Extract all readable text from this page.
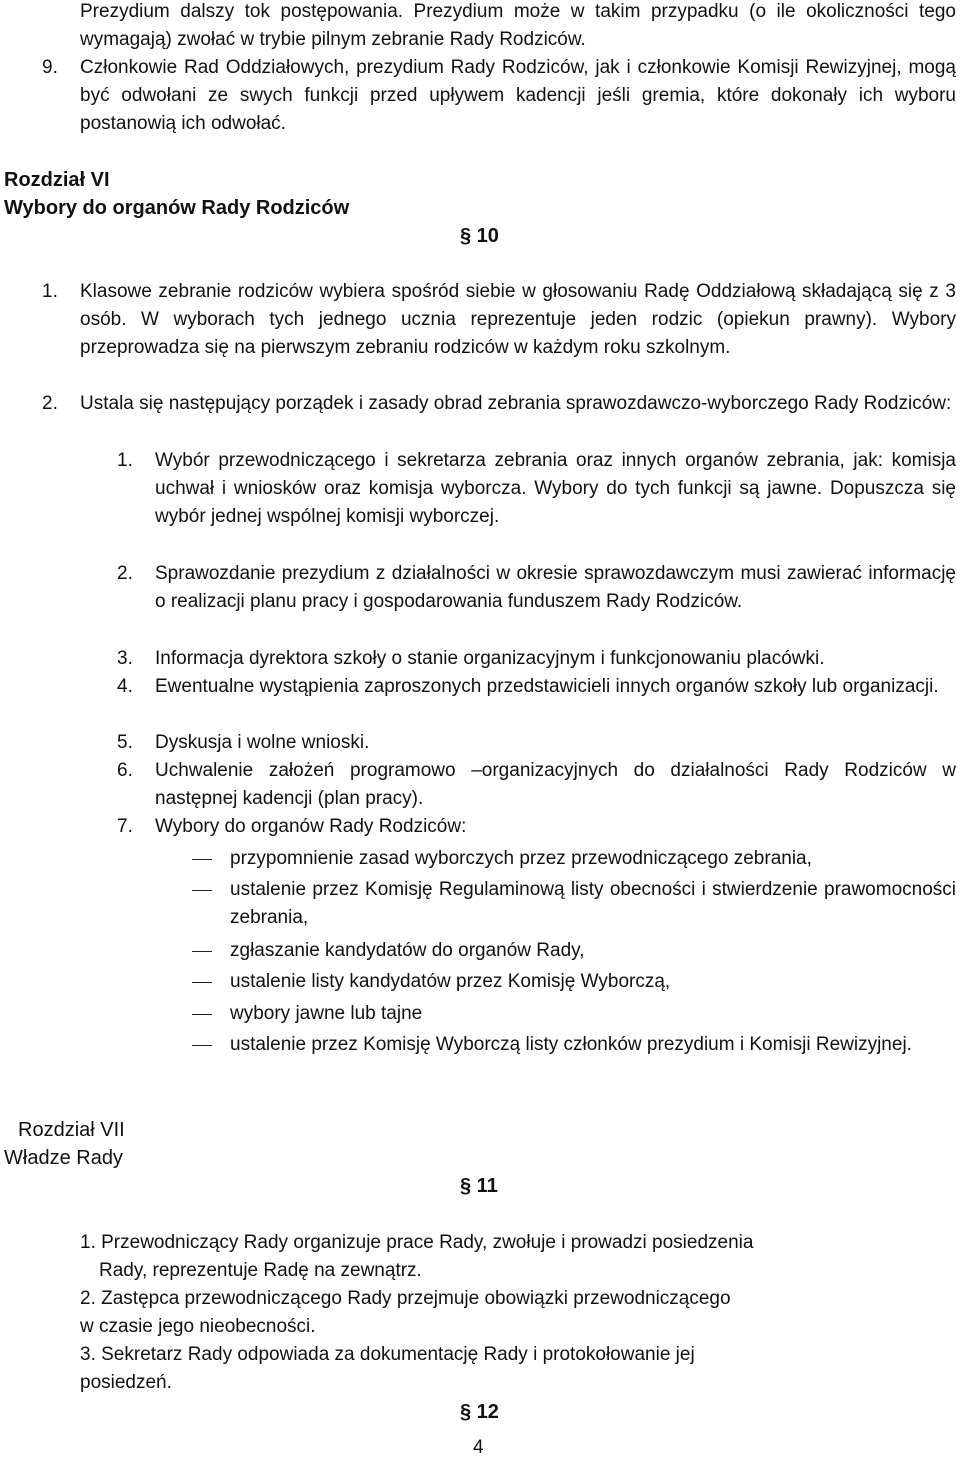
Prezydium dalszy tok postępowania. Prezydium może w takim przypadku (o ile okoliczności tego wymagają) zwołać w trybie pilnym zebranie Rady Rodziców.
9. Członkowie Rad Oddziałowych, prezydium Rady Rodziców, jak i członkowie Komisji Rewizyjnej, mogą być odwołani ze swych funkcji przed upływem kadencji jeśli gremia, które dokonały ich wyboru postanowią ich odwołać.
Rozdział VI
Wybory do organów Rady Rodziców
§ 10
1. Klasowe zebranie rodziców wybiera spośród siebie w głosowaniu Radę Oddziałową składającą się z 3 osób. W wyborach tych jednego ucznia reprezentuje jeden rodzic (opiekun prawny). Wybory przeprowadza się na pierwszym zebraniu rodziców w każdym roku szkolnym.
2. Ustala się następujący porządek i zasady obrad zebrania sprawozdawczo-wyborczego Rady Rodziców:
1. Wybór przewodniczącego i sekretarza zebrania oraz innych organów zebrania, jak: komisja uchwał i wniosków oraz komisja wyborcza. Wybory do tych funkcji są jawne. Dopuszcza się wybór jednej wspólnej komisji wyborczej.
2. Sprawozdanie prezydium z działalności w okresie sprawozdawczym musi zawierać informację o realizacji planu pracy i gospodarowania funduszem Rady Rodziców.
3. Informacja dyrektora szkoły o stanie organizacyjnym i funkcjonowaniu placówki.
4. Ewentualne wystąpienia zaproszonych przedstawicieli innych organów szkoły lub organizacji.
5. Dyskusja i wolne wnioski.
6. Uchwalenie założeń programowo –organizacyjnych do działalności Rady Rodziców w następnej kadencji (plan pracy).
7. Wybory do organów Rady Rodziców:
przypomnienie zasad wyborczych przez przewodniczącego zebrania,
ustalenie przez Komisję Regulaminową listy obecności i stwierdzenie prawomocności zebrania,
zgłaszanie kandydatów do organów Rady,
ustalenie listy kandydatów przez Komisję Wyborczą,
wybory jawne lub tajne
ustalenie przez Komisję Wyborczą listy członków prezydium i Komisji Rewizyjnej.
Rozdział VII
Władze Rady
§ 11
1. Przewodniczący Rady organizuje prace Rady, zwołuje i prowadzi posiedzenia
Rady, reprezentuje Radę na zewnątrz.
2. Zastępca przewodniczącego Rady przejmuje obowiązki przewodniczącego
w czasie jego nieobecności.
3. Sekretarz Rady odpowiada za dokumentację Rady i protokołowanie jej
posiedzeń.
§ 12
4
